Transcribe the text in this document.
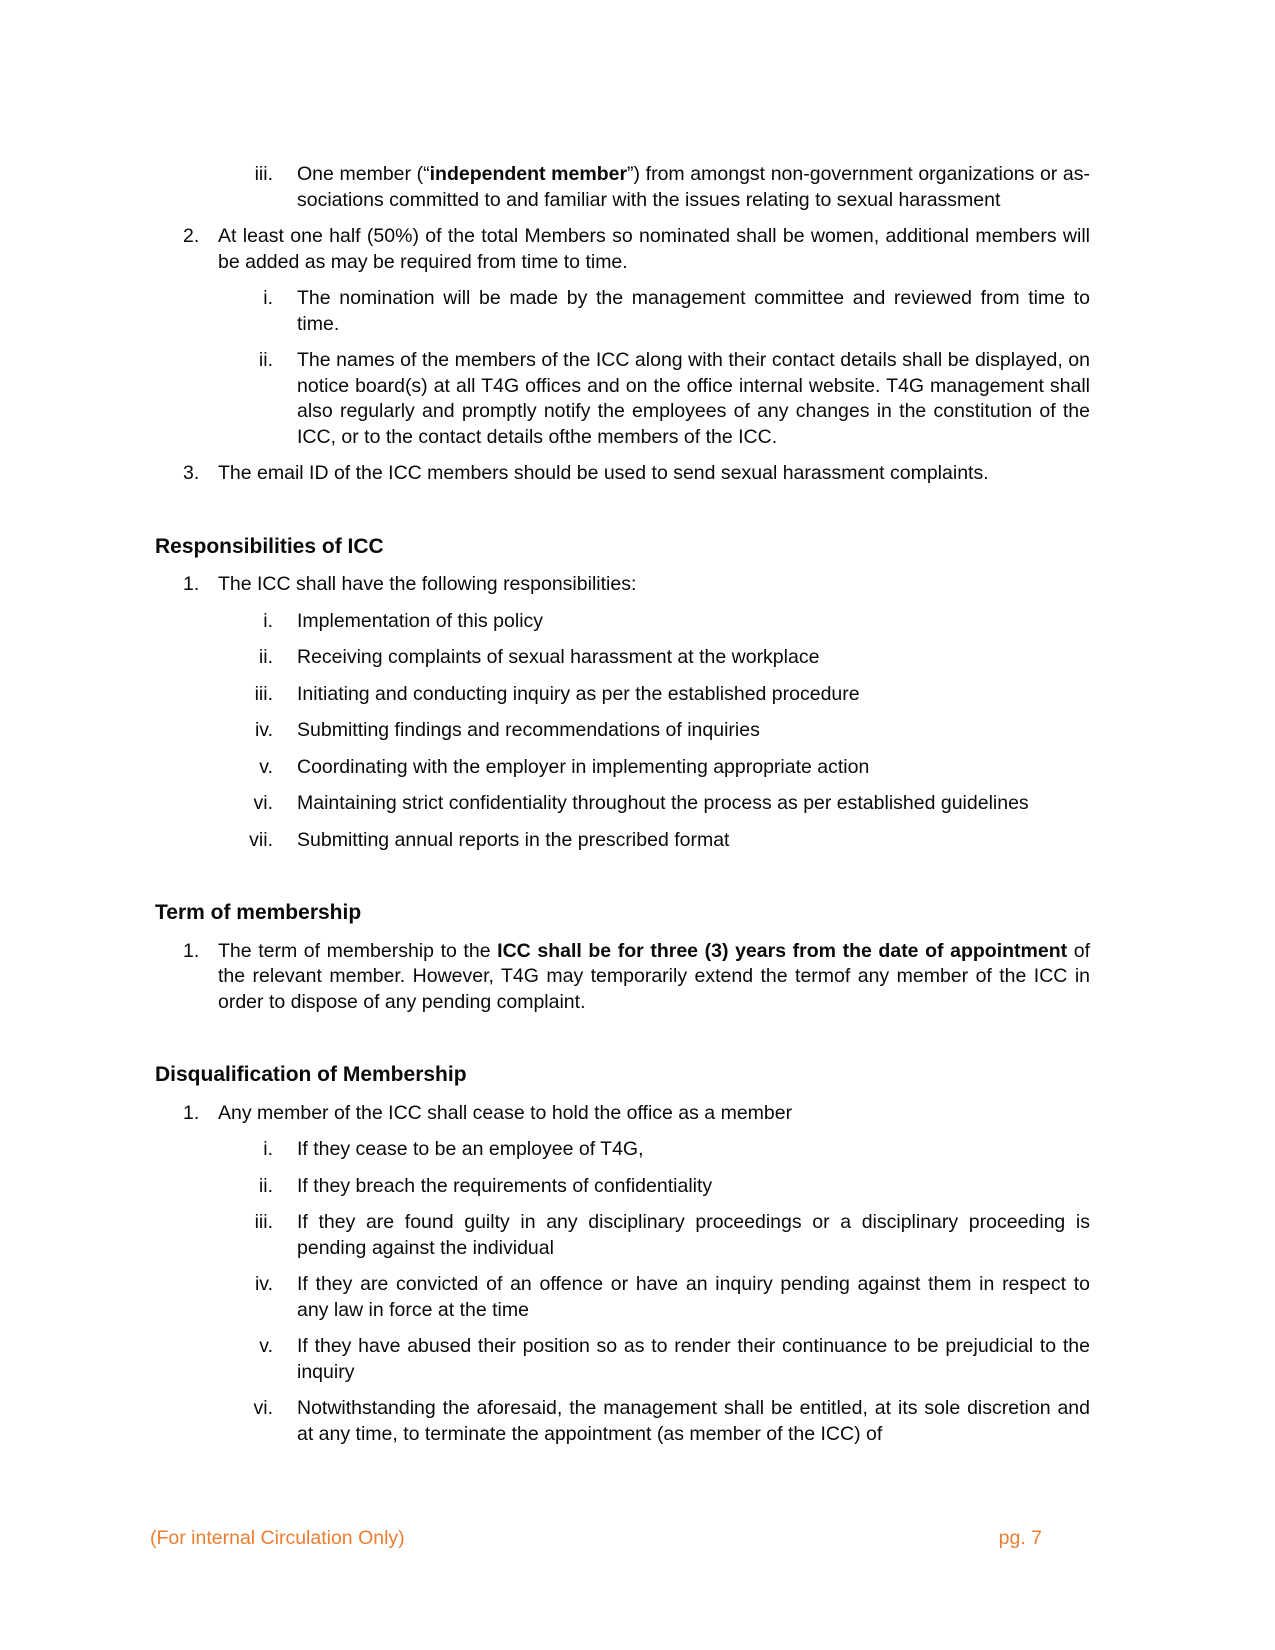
iii. One member (“independent member”) from amongst non-government organizations or as-sociations committed to and familiar with the issues relating to sexual harassment
2. At least one half (50%) of the total Members so nominated shall be women, additional members will be added as may be required from time to time.
i. The nomination will be made by the management committee and reviewed from time to time.
ii. The names of the members of the ICC along with their contact details shall be displayed, on notice board(s) at all T4G offices and on the office internal website. T4G management shall also regularly and promptly notify the employees of any changes in the constitution of the ICC, or to the contact details ofthe members of the ICC.
3. The email ID of the ICC members should be used to send sexual harassment complaints.
Responsibilities of ICC
1. The ICC shall have the following responsibilities:
i. Implementation of this policy
ii. Receiving complaints of sexual harassment at the workplace
iii. Initiating and conducting inquiry as per the established procedure
iv. Submitting findings and recommendations of inquiries
v. Coordinating with the employer in implementing appropriate action
vi. Maintaining strict confidentiality throughout the process as per established guidelines
vii. Submitting annual reports in the prescribed format
Term of membership
1. The term of membership to the ICC shall be for three (3) years from the date of appointment of the relevant member. However, T4G may temporarily extend the termof any member of the ICC in order to dispose of any pending complaint.
Disqualification of Membership
1. Any member of the ICC shall cease to hold the office as a member
i. If they cease to be an employee of T4G,
ii. If they breach the requirements of confidentiality
iii. If they are found guilty in any disciplinary proceedings or a disciplinary proceeding is pending against the individual
iv. If they are convicted of an offence or have an inquiry pending against them in respect to any law in force at the time
v. If they have abused their position so as to render their continuance to be prejudicial to the inquiry
vi. Notwithstanding the aforesaid, the management shall be entitled, at its sole discretion and at any time, to terminate the appointment (as member of the ICC) of
(For internal Circulation Only)	pg. 7
